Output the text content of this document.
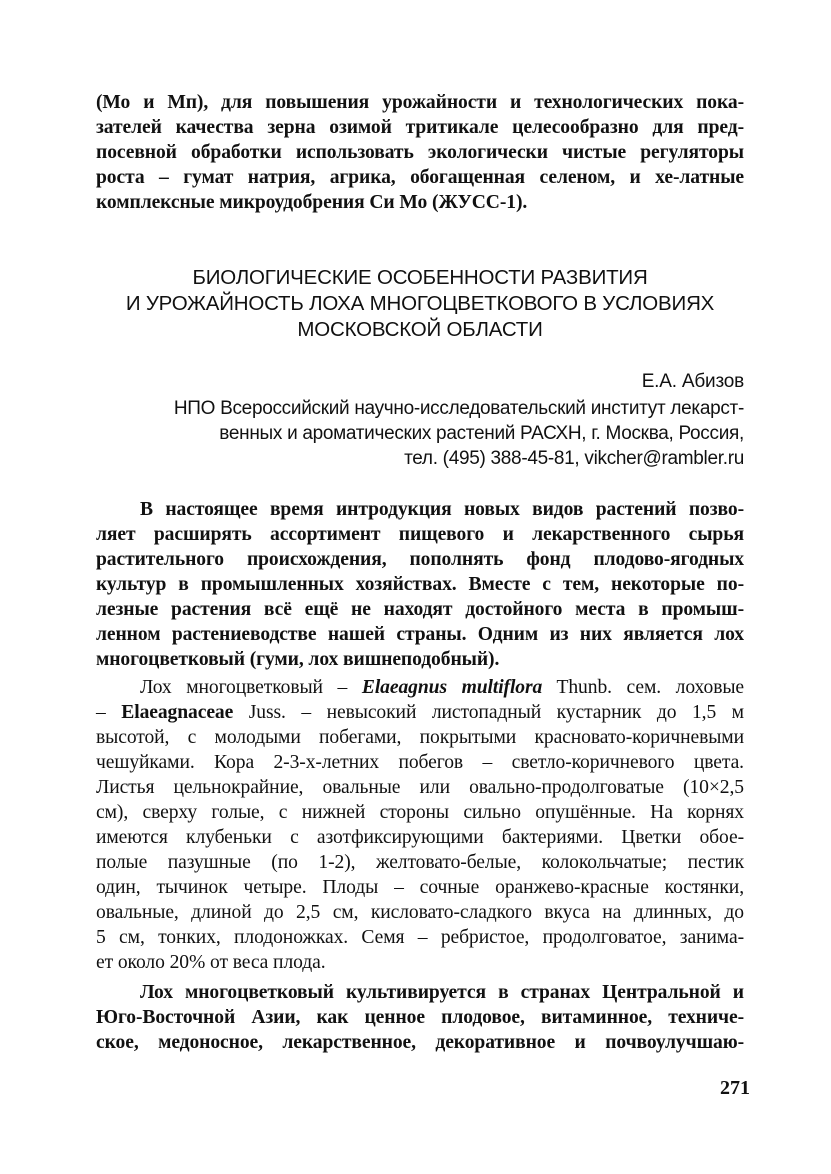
(Мо и Мп), для повышения урожайности и технологических пока-
зателей качества зерна озимой тритикале целесообразно для пред-
посевной обработки использовать экологически чистые регуляторы
роста – гумат натрия, агрика, обогащенная селеном, и хе-латные
комплексные микроудобрения Си Мо (ЖУСС-1).
БИОЛОГИЧЕСКИЕ ОСОБЕННОСТИ РАЗВИТИЯ
И УРОЖАЙНОСТЬ ЛОХА МНОГОЦВЕТКОВОГО В УСЛОВИЯХ
МОСКОВСКОЙ ОБЛАСТИ
Е.А. Абизов
НПО Всероссийский научно-исследовательский институт лекарст-
венных и ароматических растений РАСХН, г. Москва, Россия,
тел. (495) 388-45-81, vikcher@rambler.ru
В настоящее время интродукция новых видов растений позво-
ляет расширять ассортимент пищевого и лекарственного сырья
растительного происхождения, пополнять фонд плодово-ягодных
культур в промышленных хозяйствах. Вместе с тем, некоторые по-
лезные растения всё ещё не находят достойного места в промыш-
ленном растениеводстве нашей страны. Одним из них является лох
многоцветковый (гуми, лох вишнеподобный).
Лох многоцветковый – Elaeagnus multiflora Thunb. сем. лоховые
– Elaeagnaceae Juss. – невысокий листопадный кустарник до 1,5 м
высотой, с молодыми побегами, покрытыми красновато-коричневыми
чешуйками. Кора 2-3-х-летних побегов – светло-коричневого цвета.
Листья цельнокрайние, овальные или овально-продолговатые (10×2,5
см), сверху голые, с нижней стороны сильно опушённые. На корнях
имеются клубеньки с азотфиксирующими бактериями. Цветки обое-
полые пазушные (по 1-2), желтовато-белые, колокольчатые; пестик
один, тычинок четыре. Плоды – сочные оранжево-красные костянки,
овальные, длиной до 2,5 см, кисловато-сладкого вкуса на длинных, до
5 см, тонких, плодоножках. Семя – ребристое, продолговатое, занима-
ет около 20% от веса плода.
Лох многоцветковый культивируется в странах Центральной и
Юго-Восточной Азии, как ценное плодовое, витаминное, техниче-
ское, медоносное, лекарственное, декоративное и почвоулучшаю-
271
